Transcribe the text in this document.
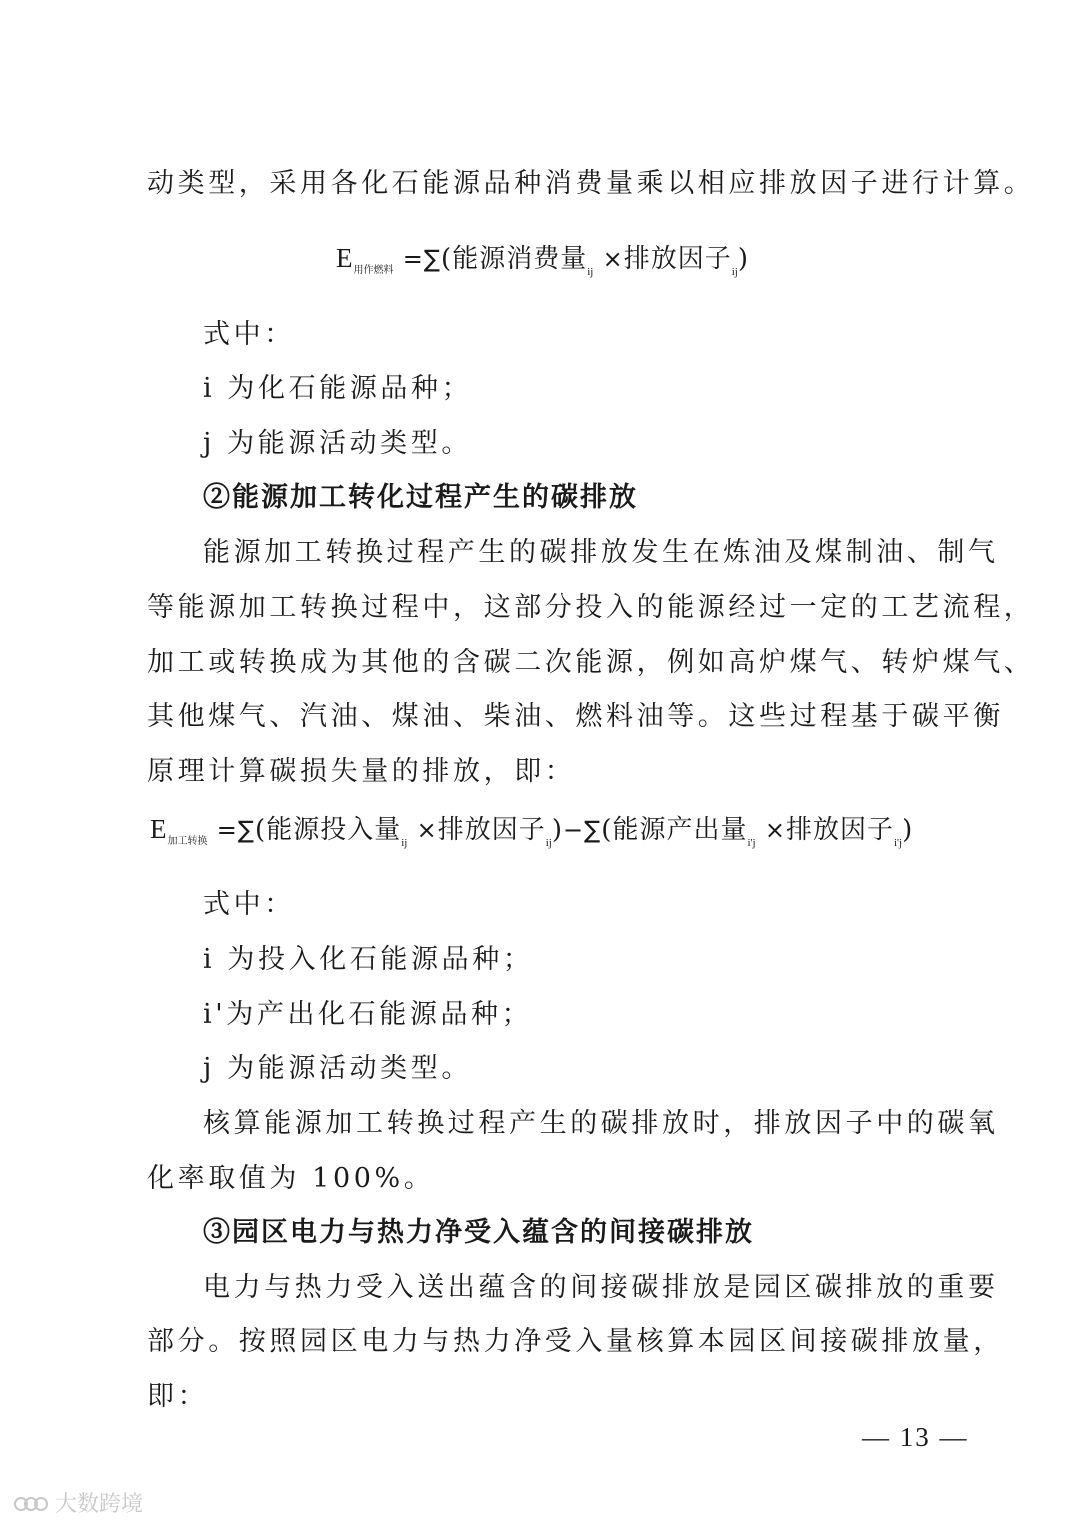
动类型，采用各化石能源品种消费量乘以相应排放因子进行计算。
$E_{用作燃料}$ =∑(能源消费量$_{ij}$ ×排放因子$_{ij}$)
式中：
i 为化石能源品种；
j 为能源活动类型。
②能源加工转化过程产生的碳排放
能源加工转换过程产生的碳排放发生在炼油及煤制油、制气
等能源加工转换过程中，这部分投入的能源经过一定的工艺流程，
加工或转换成为其他的含碳二次能源，例如高炉煤气、转炉煤气、
其他煤气、汽油、煤油、柴油、燃料油等。这些过程基于碳平衡
原理计算碳损失量的排放，即：
$E_{加工转换}$ =∑(能源投入量$_{ij}$ ×排放因子$_{ij}$)−∑(能源产出量$_{i'j}$ ×排放因子$_{i'j}$)
式中：
i 为投入化石能源品种；
i'为产出化石能源品种；
j 为能源活动类型。
核算能源加工转换过程产生的碳排放时，排放因子中的碳氧
化率取值为 100%。
③园区电力与热力净受入蕴含的间接碳排放
电力与热力受入送出蕴含的间接碳排放是园区碳排放的重要
部分。按照园区电力与热力净受入量核算本园区间接碳排放量，
即：
— 13 —
大数跨境
